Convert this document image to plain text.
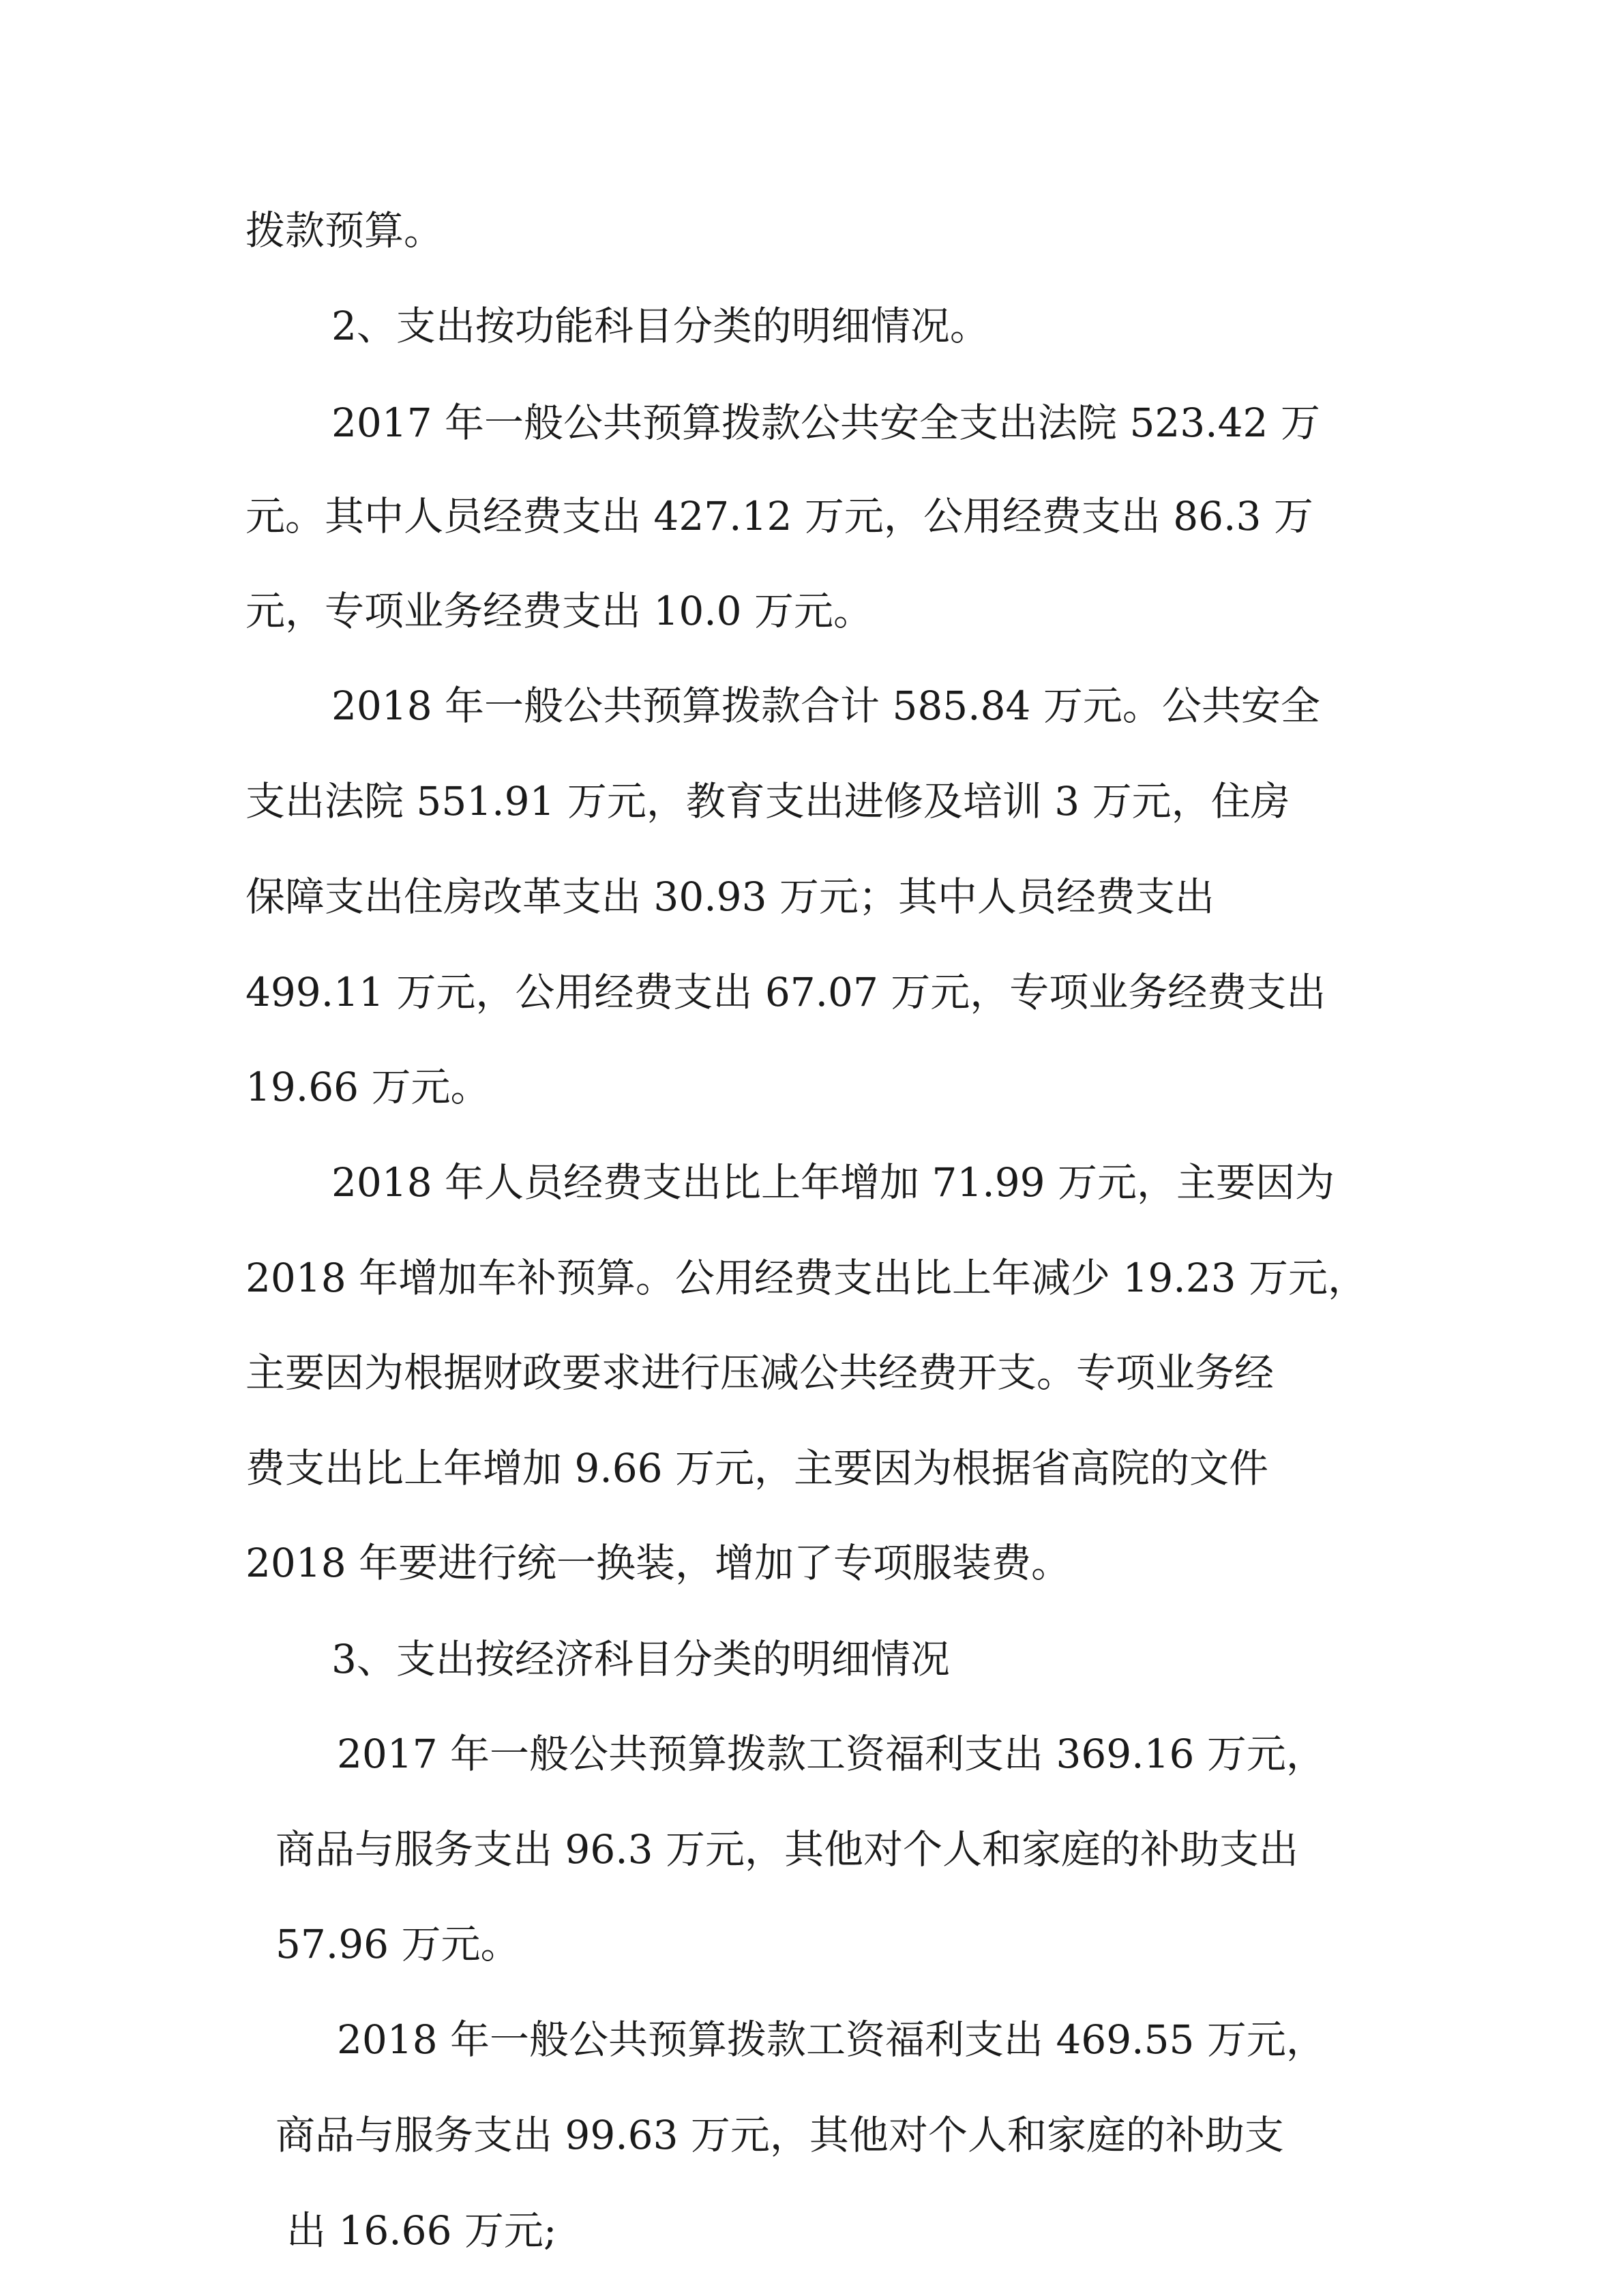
拨款预算。
2、支出按功能科目分类的明细情况。
2017 年一般公共预算拨款公共安全支出法院 523.42 万
元。其中人员经费支出 427.12 万元，公用经费支出 86.3 万
元，专项业务经费支出 10.0 万元。
2018 年一般公共预算拨款合计 585.84 万元。公共安全
支出法院 551.91 万元，教育支出进修及培训 3 万元，住房
保障支出住房改革支出 30.93 万元；其中人员经费支出
499.11 万元，公用经费支出 67.07 万元，专项业务经费支出
19.66 万元。
2018 年人员经费支出比上年增加 71.99 万元，主要因为
2018 年增加车补预算。公用经费支出比上年减少 19.23 万元，
主要因为根据财政要求进行压减公共经费开支。专项业务经
费支出比上年增加 9.66 万元，主要因为根据省高院的文件
2018 年要进行统一换装，增加了专项服装费。
3、支出按经济科目分类的明细情况
2017 年一般公共预算拨款工资福利支出 369.16 万元，
商品与服务支出 96.3 万元，其他对个人和家庭的补助支出
57.96 万元。
2018 年一般公共预算拨款工资福利支出 469.55 万元，
商品与服务支出 99.63 万元，其他对个人和家庭的补助支
出 16.66 万元;
